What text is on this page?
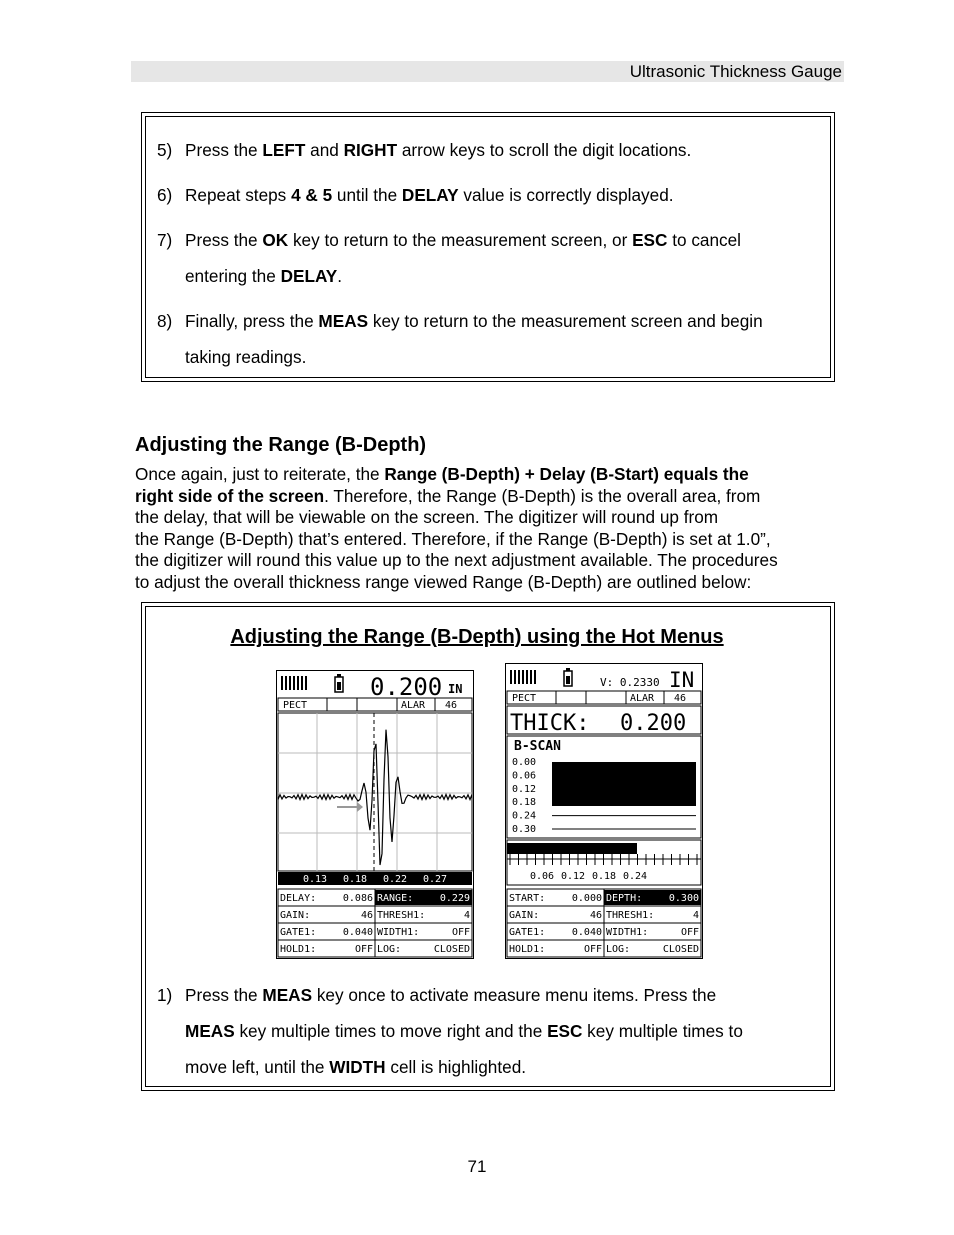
Ultrasonic Thickness Gauge
5) Press the LEFT and RIGHT arrow keys to scroll the digit locations.
6) Repeat steps 4 & 5 until the DELAY value is correctly displayed.
7) Press the OK key to return to the measurement screen, or ESC to cancel
entering the DELAY.
8) Finally, press the MEAS key to return to the measurement screen and begin
taking readings.
Adjusting the Range (B-Depth)
Once again, just to reiterate, the Range (B-Depth) + Delay (B-Start) equals the
right side of the screen. Therefore, the Range (B-Depth) is the overall area, from
the delay, that will be viewable on the screen. The digitizer will round up from
the Range (B-Depth) that’s entered. Therefore, if the Range (B-Depth) is set at 1.0”,
the digitizer will round this value up to the next adjustment available. The procedures
to adjust the overall thickness range viewed Range (B-Depth) are outlined below:
Adjusting the Range (B-Depth) using the Hot Menus
0.200 IN
PECT	ALAR 46
0.13 0.18 0.22 0.27
DELAY:	0.086 RANGE:	0.229
GAIN:	46 THRESH1:	4
GATE1:	0.040 WIDTH1:	OFF
HOLD1:	OFF LOG:	CLOSED
V: 0.2330 IN
PECT	ALAR 46
THICK: 0.200
B-SCAN
0.00
0.06
0.12
0.18
0.24
0.30
0.06 0.12 0.18 0.24
START:	0.000 DEPTH:	0.300
GAIN:	46 THRESH1:	4
GATE1:	0.040 WIDTH1:	OFF
HOLD1:	OFF LOG:	CLOSED
1) Press the MEAS key once to activate measure menu items. Press the
MEAS key multiple times to move right and the ESC key multiple times to
move left, until the WIDTH cell is highlighted.
71
